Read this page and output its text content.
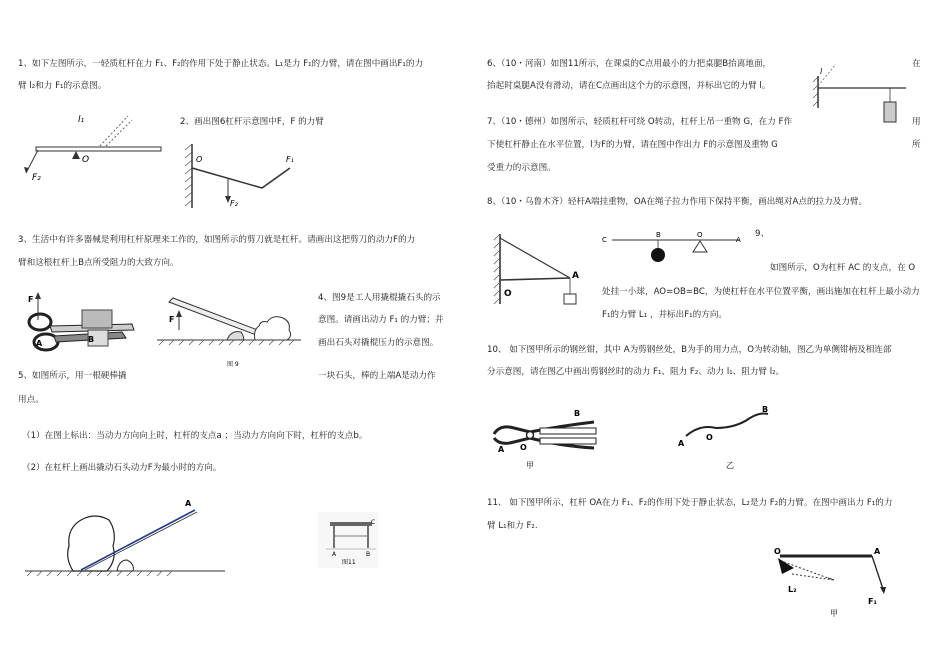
1、如下左图所示，一轻质杠杆在力 F₁、F₂的作用下处于静止状态。L₁是力 F₁的力臂，请在图中画出F₁的力
臂 l₂和力 F₁的示意图。
l₁
O
F₂
2、画出图6杠杆示意图中F，F 的力臂
O	F₁
F₂
3、生活中有许多器械是利用杠杆原理来工作的，如图所示的剪刀就是杠杆。请画出这把剪刀的动力F的力
臂和这根杠杆上B点所受阻力的大致方向。
F
A	B
F
图 9
4、图9是工人用撬棍撬石头的示
意图。请画出动力 F₁ 的力臂；并
画出石头对撬棍压力的示意图。
5、如图所示，用一根硬棒撬	一块石头，棒的上端A是动力作
用点。
（1）在图上标出：当动力方向向上时，杠杆的支点a ；当动力方向向下时，杠杆的支点b。
（2）在杠杆上画出撬动石头动力F为最小时的方向。
A
C
A	B
图11
6、（10・河南）如图11所示，在课桌的C点用最小的力把桌腿B抬离地面，	在
抬起时桌腿A没有滑动，请在C点画出这个力的示意图，并标出它的力臂 l。
l
7、（10・德州）如图所示，轻质杠杆可绕 O转动，杠杆上吊一重物 G，在力 F作	用
下使杠杆静止在水平位置，l为F的力臂，请在图中作出力 F的示意图及重物 G	所
受重力的示意图。
8、（10・乌鲁木齐）轻杆A端挂重物，OA在绳子拉力作用下保持平衡，画出绳对A点的拉力及力臂。
A
O
C
B	O
A
9、
如图所示，O为杠杆 AC 的支点，在 O
处挂一小球，AO=OB=BC，为使杠杆在水平位置平衡，画出施加在杠杆上最小动力
F₁的力臂 L₁ ，并标出F₁的方向。
10、 如下图甲所示的钢丝钳，其中 A为剪钢丝处，B为手的用力点，O为转动轴，图乙为单侧钳柄及相连部
分示意图，请在图乙中画出剪钢丝时的动力 F₁、阻力 F₂、动力 l₁、阻力臂 l₂。
B
A O
甲
B
A
O
乙
11、 如下图甲所示，杠杆 OA在力 F₁、F₂的作用下处于静止状态，L₂是力 F₂的力臂。在图中画出力 F₁的力
臂 L₁和力 F₂.
O	A
L₂
F₁
甲
